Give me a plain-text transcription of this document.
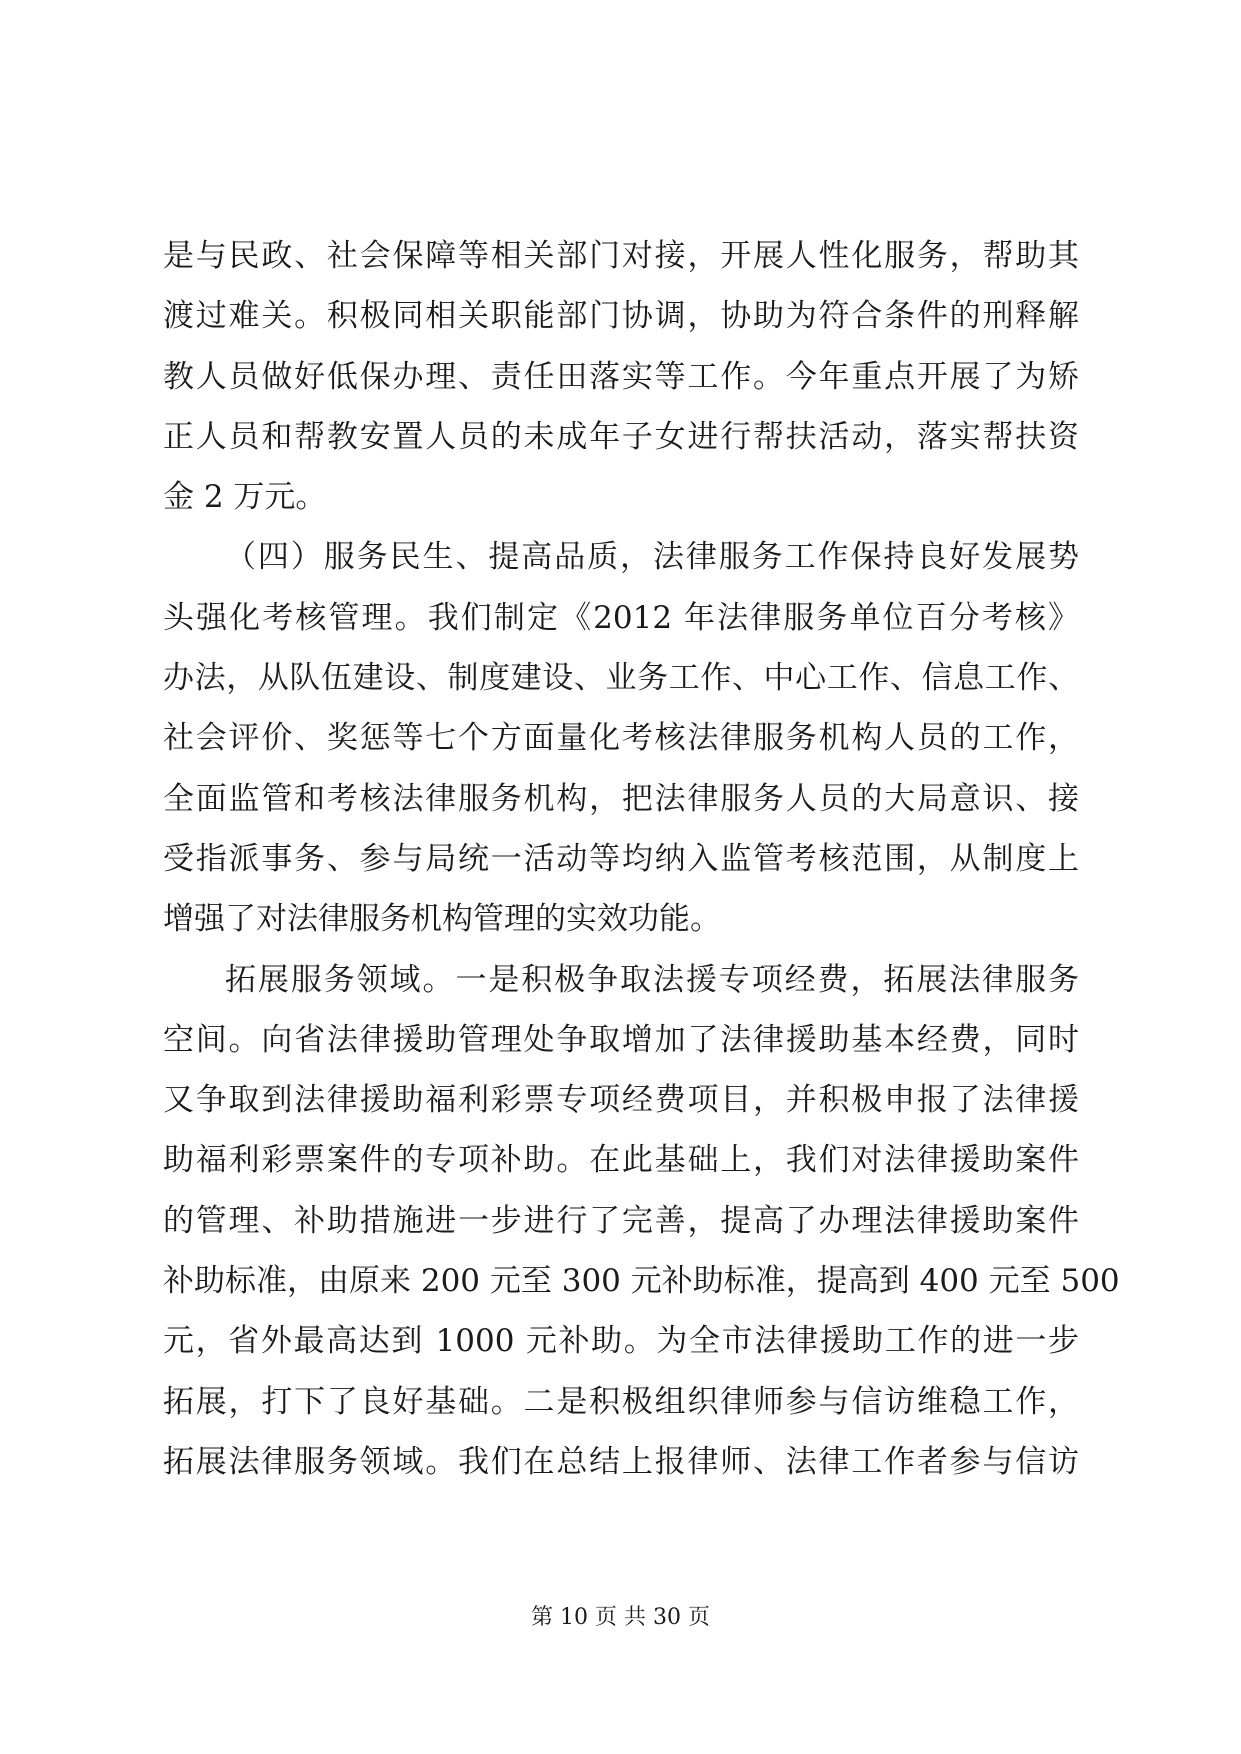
是与民政、社会保障等相关部门对接，开展人性化服务，帮助其
渡过难关。积极同相关职能部门协调，协助为符合条件的刑释解
教人员做好低保办理、责任田落实等工作。今年重点开展了为矫
正人员和帮教安置人员的未成年子女进行帮扶活动，落实帮扶资
金 2 万元。
（四）服务民生、提高品质，法律服务工作保持良好发展势
头强化考核管理。我们制定《2012 年法律服务单位百分考核》
办法，从队伍建设、制度建设、业务工作、中心工作、信息工作、
社会评价、奖惩等七个方面量化考核法律服务机构人员的工作，
全面监管和考核法律服务机构，把法律服务人员的大局意识、接
受指派事务、参与局统一活动等均纳入监管考核范围，从制度上
增强了对法律服务机构管理的实效功能。
拓展服务领域。一是积极争取法援专项经费，拓展法律服务
空间。向省法律援助管理处争取增加了法律援助基本经费，同时
又争取到法律援助福利彩票专项经费项目，并积极申报了法律援
助福利彩票案件的专项补助。在此基础上，我们对法律援助案件
的管理、补助措施进一步进行了完善，提高了办理法律援助案件
补助标准，由原来 200 元至 300 元补助标准，提高到 400 元至 500
元，省外最高达到 1000 元补助。为全市法律援助工作的进一步
拓展，打下了良好基础。二是积极组织律师参与信访维稳工作，
拓展法律服务领域。我们在总结上报律师、法律工作者参与信访
第 10 页 共 30 页
